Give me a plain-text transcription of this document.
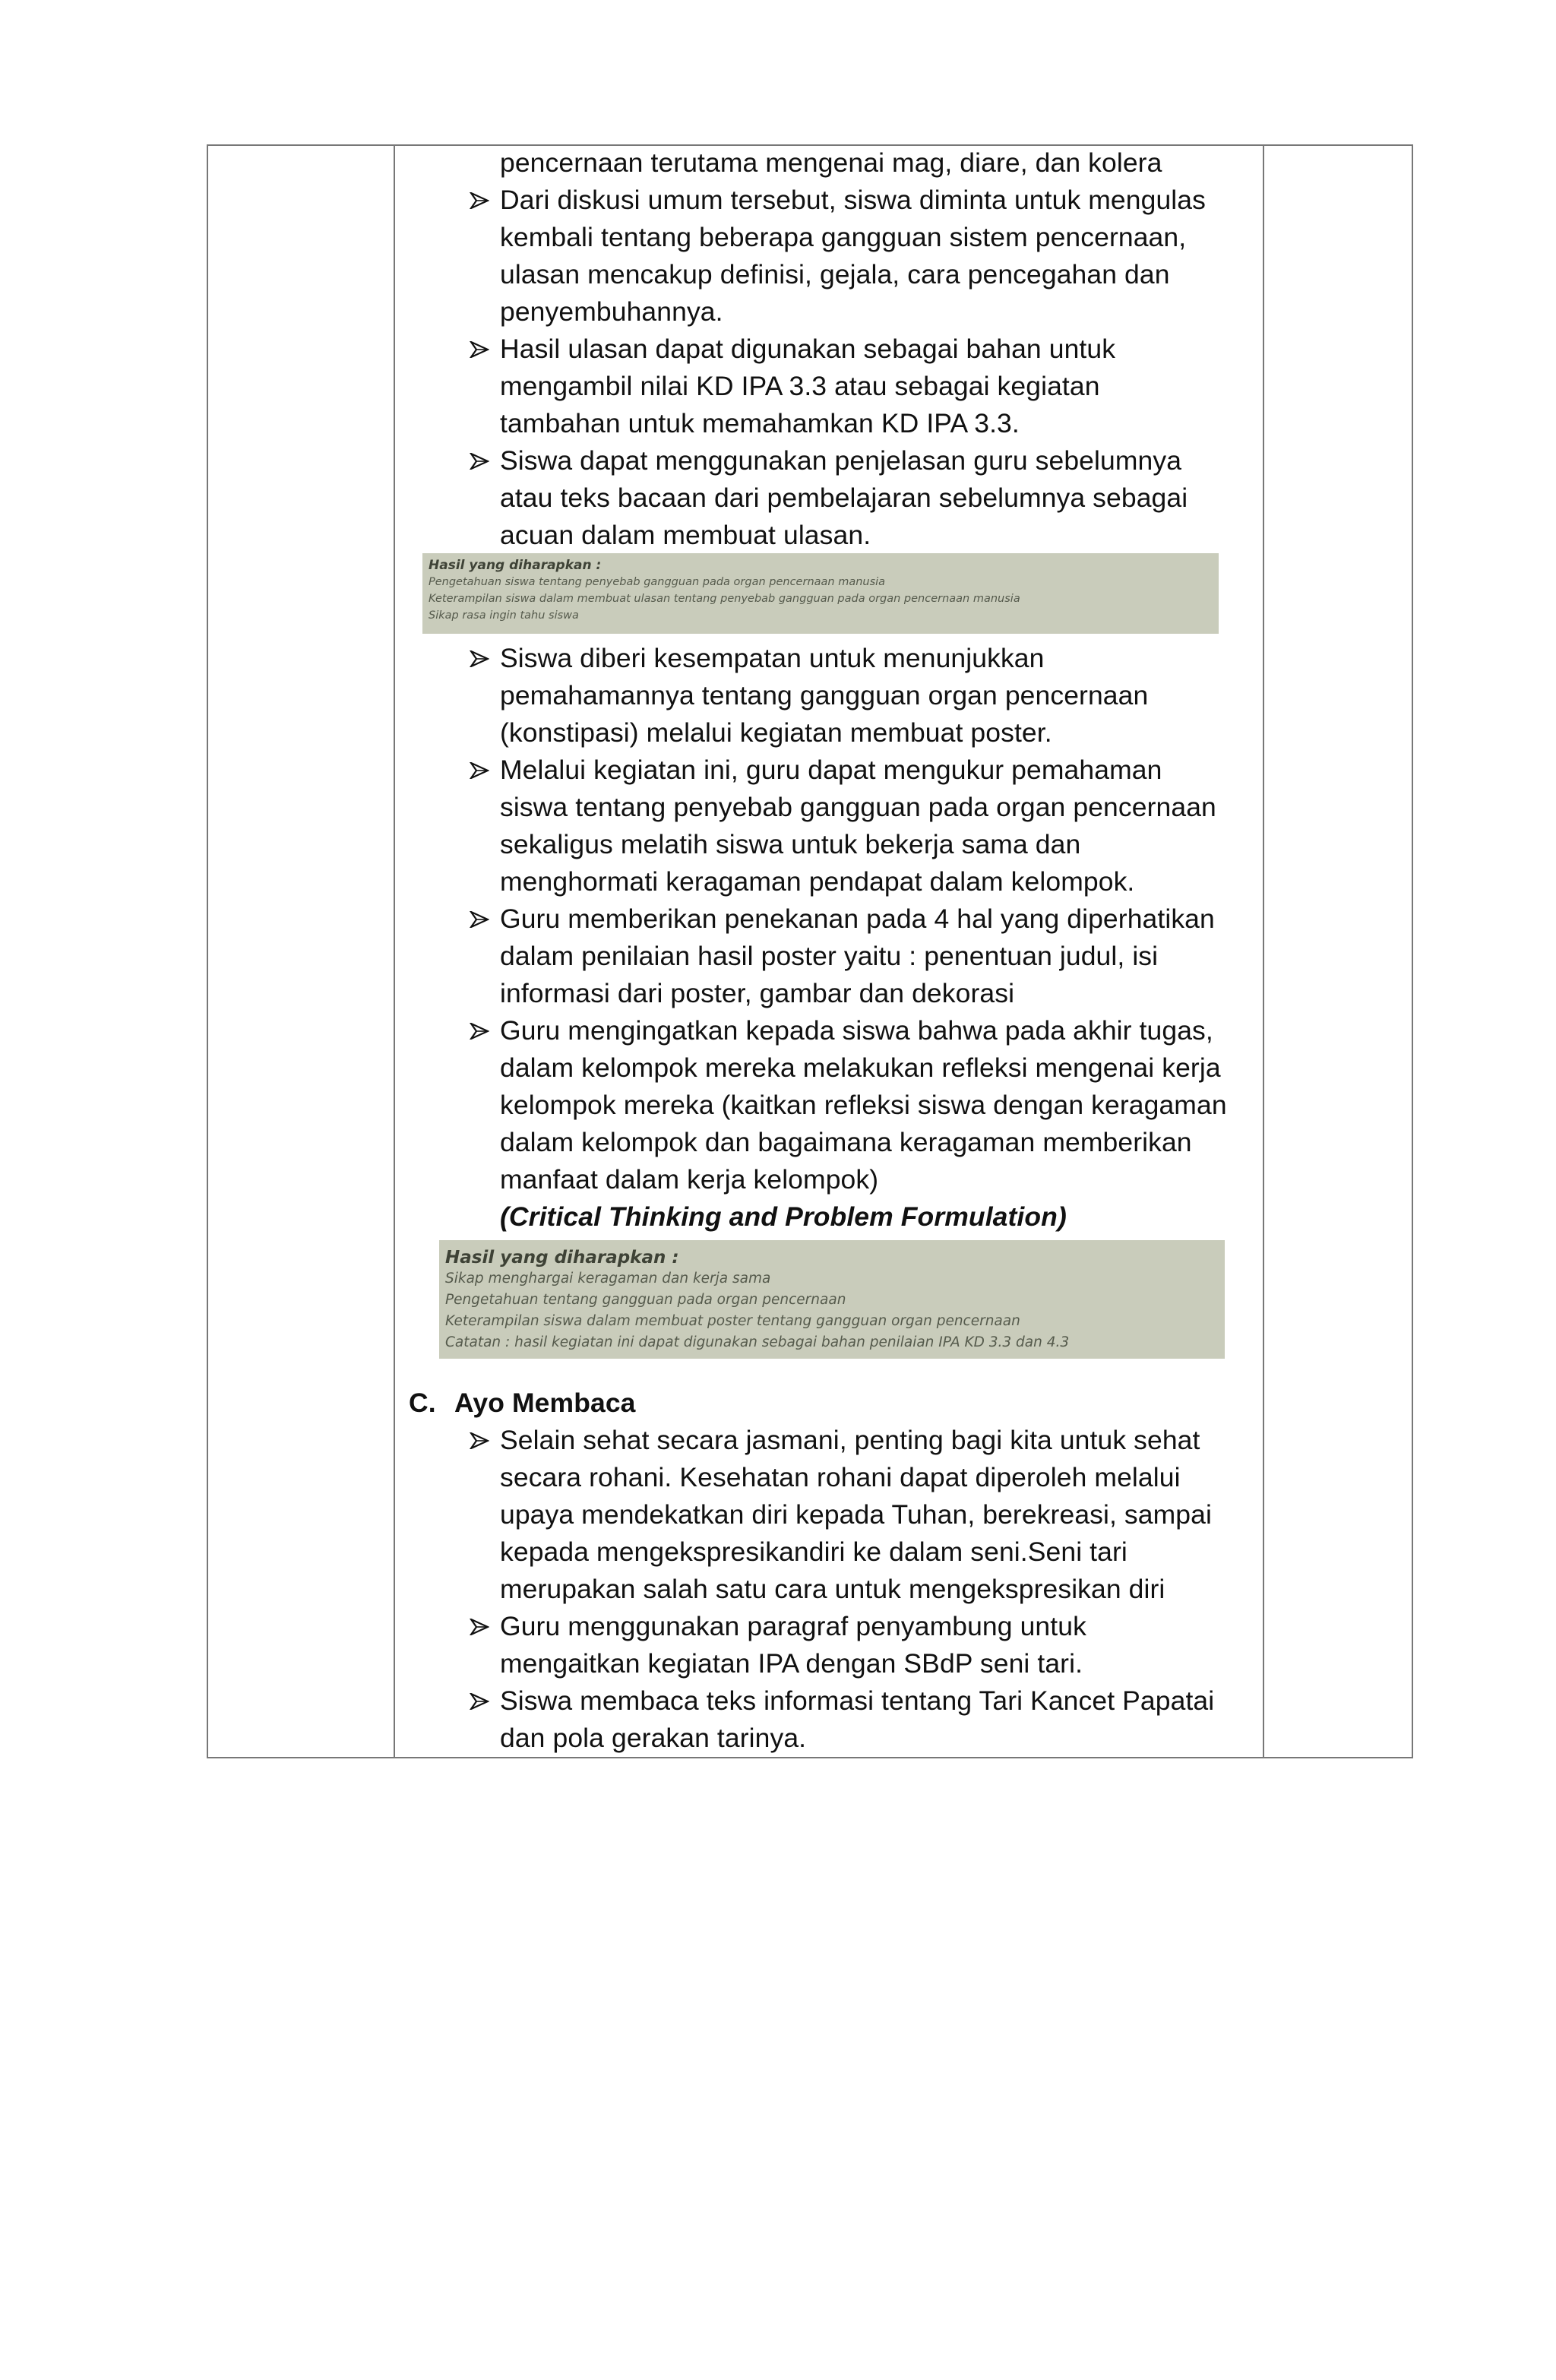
pencernaan terutama mengenai mag, diare, dan kolera
Dari diskusi umum tersebut, siswa diminta untuk mengulas
kembali tentang beberapa gangguan sistem pencernaan,
ulasan mencakup definisi, gejala, cara pencegahan dan
penyembuhannya.
Hasil ulasan dapat digunakan sebagai bahan untuk
mengambil nilai KD IPA 3.3 atau sebagai kegiatan
tambahan untuk memahamkan KD IPA 3.3.
Siswa dapat menggunakan penjelasan guru sebelumnya
atau teks bacaan dari pembelajaran sebelumnya sebagai
acuan dalam membuat ulasan.
Hasil yang diharapkan :
Pengetahuan siswa tentang penyebab gangguan pada organ pencernaan manusia
Keterampilan siswa dalam membuat ulasan tentang penyebab gangguan pada organ pencernaan manusia
Sikap rasa ingin tahu siswa
Siswa diberi kesempatan untuk menunjukkan
pemahamannya tentang gangguan organ pencernaan
(konstipasi) melalui kegiatan membuat poster.
Melalui kegiatan ini, guru dapat mengukur pemahaman
siswa tentang penyebab gangguan pada organ pencernaan
sekaligus melatih siswa untuk bekerja sama dan
menghormati keragaman pendapat dalam kelompok.
Guru memberikan penekanan pada 4 hal yang diperhatikan
dalam penilaian hasil poster yaitu : penentuan judul, isi
informasi dari poster, gambar dan dekorasi
Guru mengingatkan kepada siswa bahwa pada akhir tugas,
dalam kelompok mereka melakukan refleksi mengenai kerja
kelompok mereka (kaitkan refleksi siswa dengan keragaman
dalam kelompok dan bagaimana keragaman memberikan
manfaat dalam kerja kelompok)
(Critical Thinking and Problem Formulation)
Hasil yang diharapkan :
Sikap menghargai keragaman dan kerja sama
Pengetahuan tentang gangguan pada organ pencernaan
Keterampilan siswa dalam membuat poster tentang gangguan organ pencernaan
Catatan : hasil kegiatan ini dapat digunakan sebagai bahan penilaian IPA KD 3.3 dan 4.3
C. Ayo Membaca
Selain sehat secara jasmani, penting bagi kita untuk sehat
secara rohani. Kesehatan rohani dapat diperoleh melalui
upaya mendekatkan diri kepada Tuhan, berekreasi, sampai
kepada mengekspresikandiri ke dalam seni.Seni tari
merupakan salah satu cara untuk mengekspresikan diri
Guru menggunakan paragraf penyambung untuk
mengaitkan kegiatan IPA dengan SBdP seni tari.
Siswa membaca teks informasi tentang Tari Kancet Papatai
dan pola gerakan tarinya.
